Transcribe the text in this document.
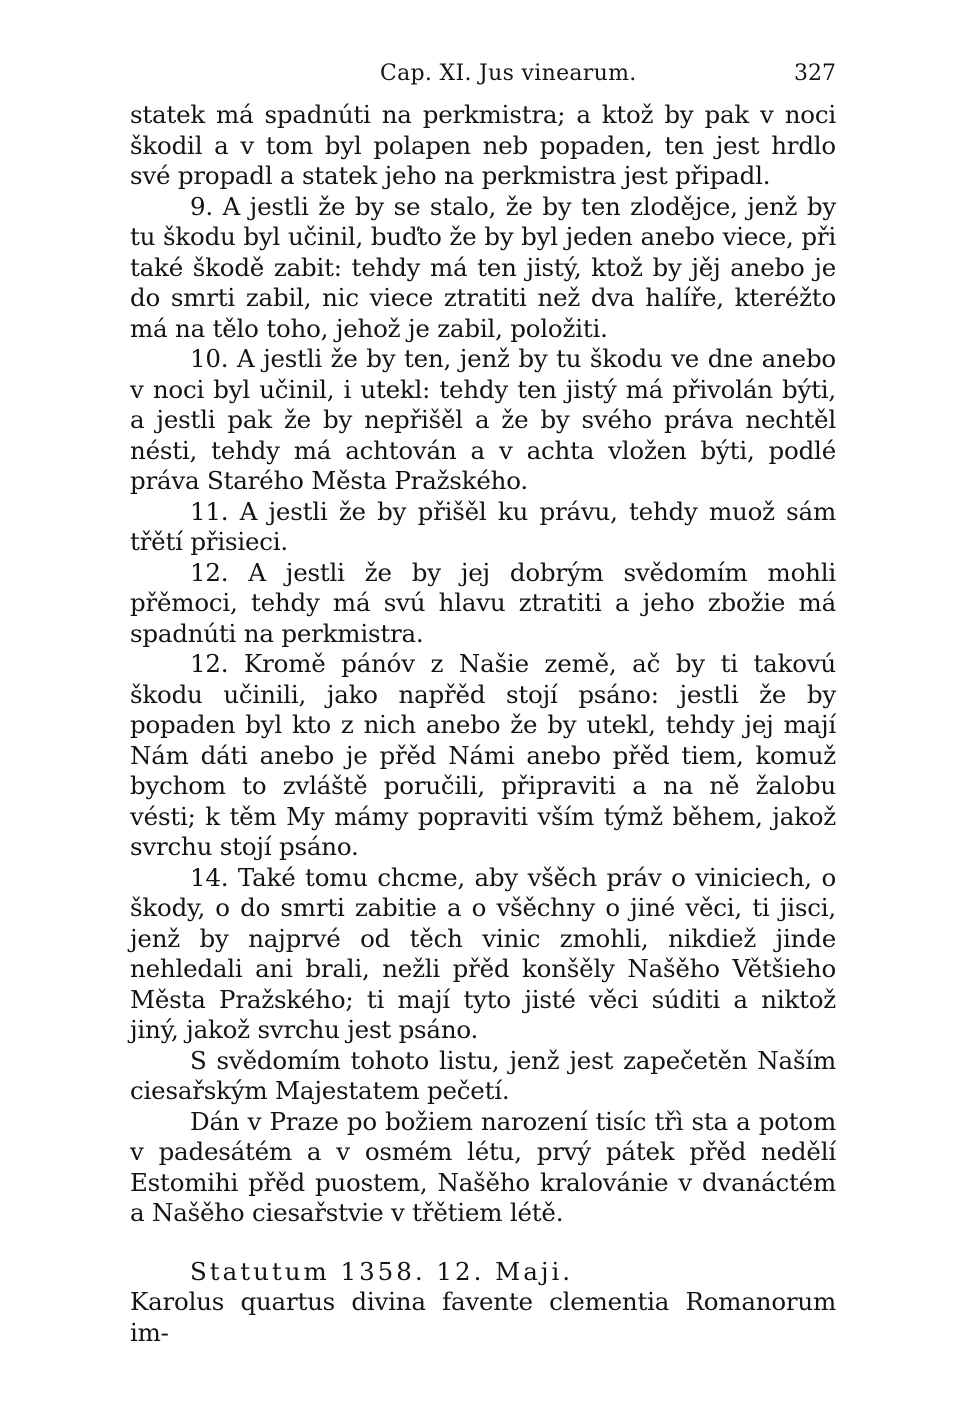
Cap. XI. Jus vinearum.	327

statek má spadnúti na perkmistra; a ktož by pak v noci škodil a v tom byl polapen neb popaden, ten jest hrdlo své propadl a statek jeho na perkmistra jest připadl.

9. A jestli že by se stalo, že by ten zlodějce, jenž by tu škodu byl učinil, buďto že by byl jeden anebo viece, při také škodě zabit: tehdy má ten jistý, ktož by jěj anebo je do smrti zabil, nic viece ztratiti než dva halíře, kteréžto má na tělo toho, jehož je zabil, položiti.

10. A jestli že by ten, jenž by tu škodu ve dne anebo v noci byl učinil, i utekl: tehdy ten jistý má přivolán býti, a jestli pak že by nepřišěl a že by svého práva nechtěl nésti, tehdy má achtován a v achta vložen býti, podlé práva Starého Města Pražského.

11. A jestli že by přišěl ku právu, tehdy muož sám třětí přisieci.

12. A jestli že by jej dobrým svědomím mohli přěmoci, tehdy má svú hlavu ztratiti a jeho zbožie má spadnúti na perkmistra.

12. Kromě pánóv z Našie země, ač by ti takovú škodu učinili, jako napřěd stojí psáno: jestli že by popaden byl kto z nich anebo že by utekl, tehdy jej mají Nám dáti anebo je přěd Námi anebo přěd tiem, komuž bychom to zvláště poručili, připraviti a na ně žalobu vésti; k těm My mámy popraviti vším týmž během, jakož svrchu stojí psáno.

14. Také tomu chcme, aby všěch práv o viniciech, o škody, o do smrti zabitie a o všěchny o jiné věci, ti jisci, jenž by najprvé od těch vinic zmohli, nikdiež jinde nehledali ani brali, nežli přěd konšěly Našěho Většieho Města Pražského; ti mají tyto jisté věci súditi a niktož jiný, jakož svrchu jest psáno.

S svědomím tohoto listu, jenž jest zapečetěn Naším ciesařským Majestatem pečetí.

Dán v Praze po božiem narození tisíc třì sta a potom v padesátém a v osmém létu, prvý pátek přěd nedělí Estomihi přěd puostem, Našěho kralovánie v dvanáctém a Našěho ciesařstvie v třětiem létě.

Statutum 1358. 12. Maji.

Karolus quartus divina favente clementia Romanorum im-
